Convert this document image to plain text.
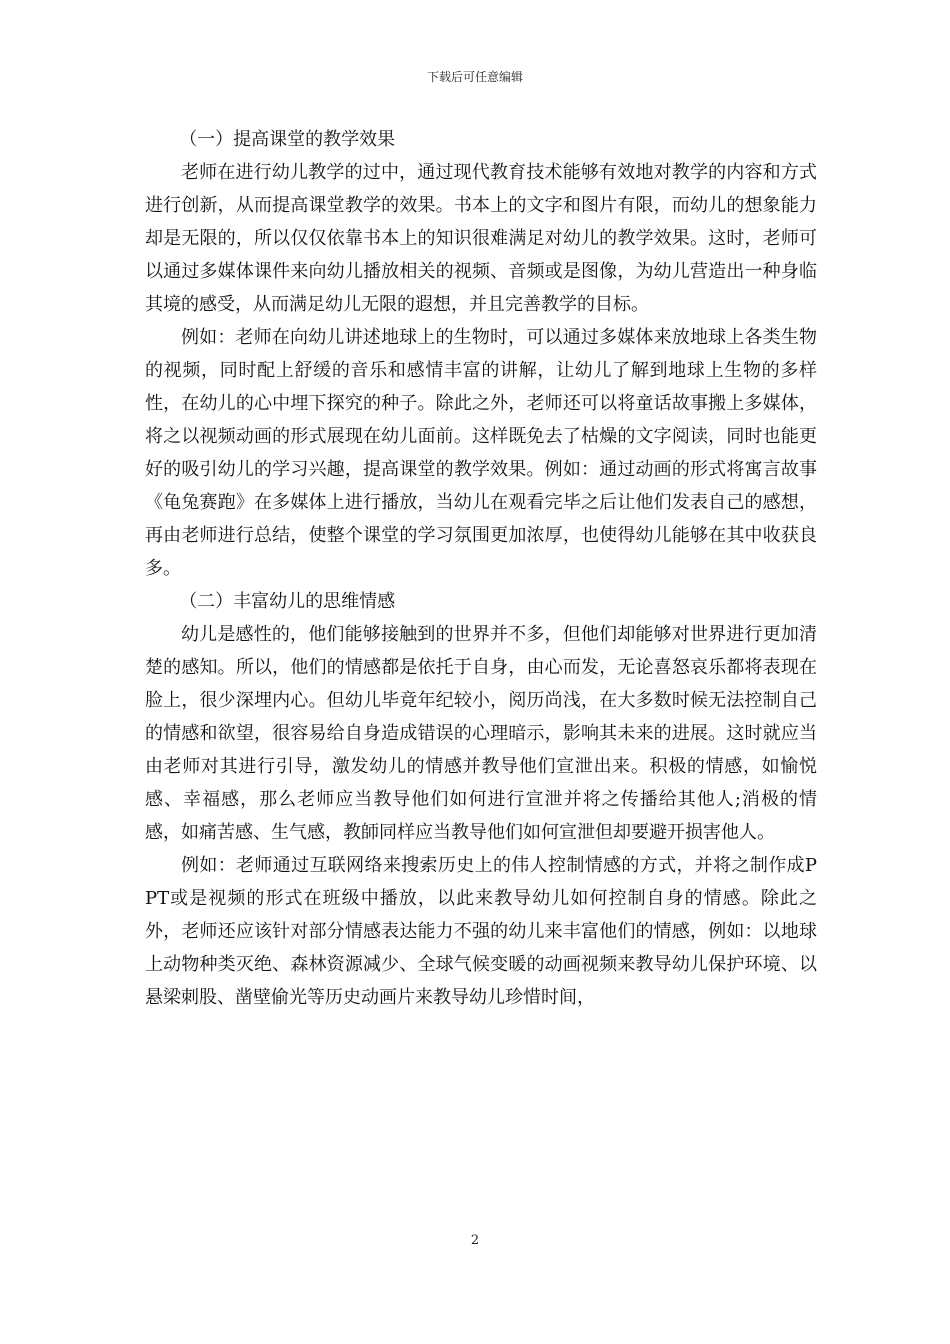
下载后可任意编辑

（一）提高课堂的教学效果

老师在进行幼儿教学的过中，通过现代教育技术能够有效地对教学的内容和方式进行创新，从而提高课堂教学的效果。书本上的文字和图片有限，而幼儿的想象能力却是无限的，所以仅仅依靠书本上的知识很难满足对幼儿的教学效果。这时，老师可以通过多媒体课件来向幼儿播放相关的视频、音频或是图像，为幼儿营造出一种身临其境的感受，从而满足幼儿无限的遐想，并且完善教学的目标。

例如：老师在向幼儿讲述地球上的生物时，可以通过多媒体来放地球上各类生物的视频，同时配上舒缓的音乐和感情丰富的讲解，让幼儿了解到地球上生物的多样性，在幼儿的心中埋下探究的种子。除此之外，老师还可以将童话故事搬上多媒体，将之以视频动画的形式展现在幼儿面前。这样既免去了枯燥的文字阅读，同时也能更好的吸引幼儿的学习兴趣，提高课堂的教学效果。例如：通过动画的形式将寓言故事《龟兔赛跑》在多媒体上进行播放，当幼儿在观看完毕之后让他们发表自己的感想，再由老师进行总结，使整个课堂的学习氛围更加浓厚，也使得幼儿能够在其中收获良多。

（二）丰富幼儿的思维情感

幼儿是感性的，他们能够接触到的世界并不多，但他们却能够对世界进行更加清楚的感知。所以，他们的情感都是依托于自身，由心而发，无论喜怒哀乐都将表现在脸上，很少深埋内心。但幼儿毕竟年纪较小，阅历尚浅，在大多数时候无法控制自己的情感和欲望，很容易给自身造成错误的心理暗示，影响其未来的进展。这时就应当由老师对其进行引导，激发幼儿的情感并教导他们宣泄出来。积极的情感，如愉悦感、幸福感，那么老师应当教导他们如何进行宣泄并将之传播给其他人;消极的情感，如痛苦感、生气感，教師同样应当教导他们如何宣泄但却要避开损害他人。

例如：老师通过互联网络来搜索历史上的伟人控制情感的方式，并将之制作成PPT或是视频的形式在班级中播放，以此来教导幼儿如何控制自身的情感。除此之外，老师还应该针对部分情感表达能力不强的幼儿来丰富他们的情感，例如：以地球上动物种类灭绝、森林资源减少、全球气候变暖的动画视频来教导幼儿保护环境、以悬梁刺股、凿壁偷光等历史动画片来教导幼儿珍惜时间，

2
